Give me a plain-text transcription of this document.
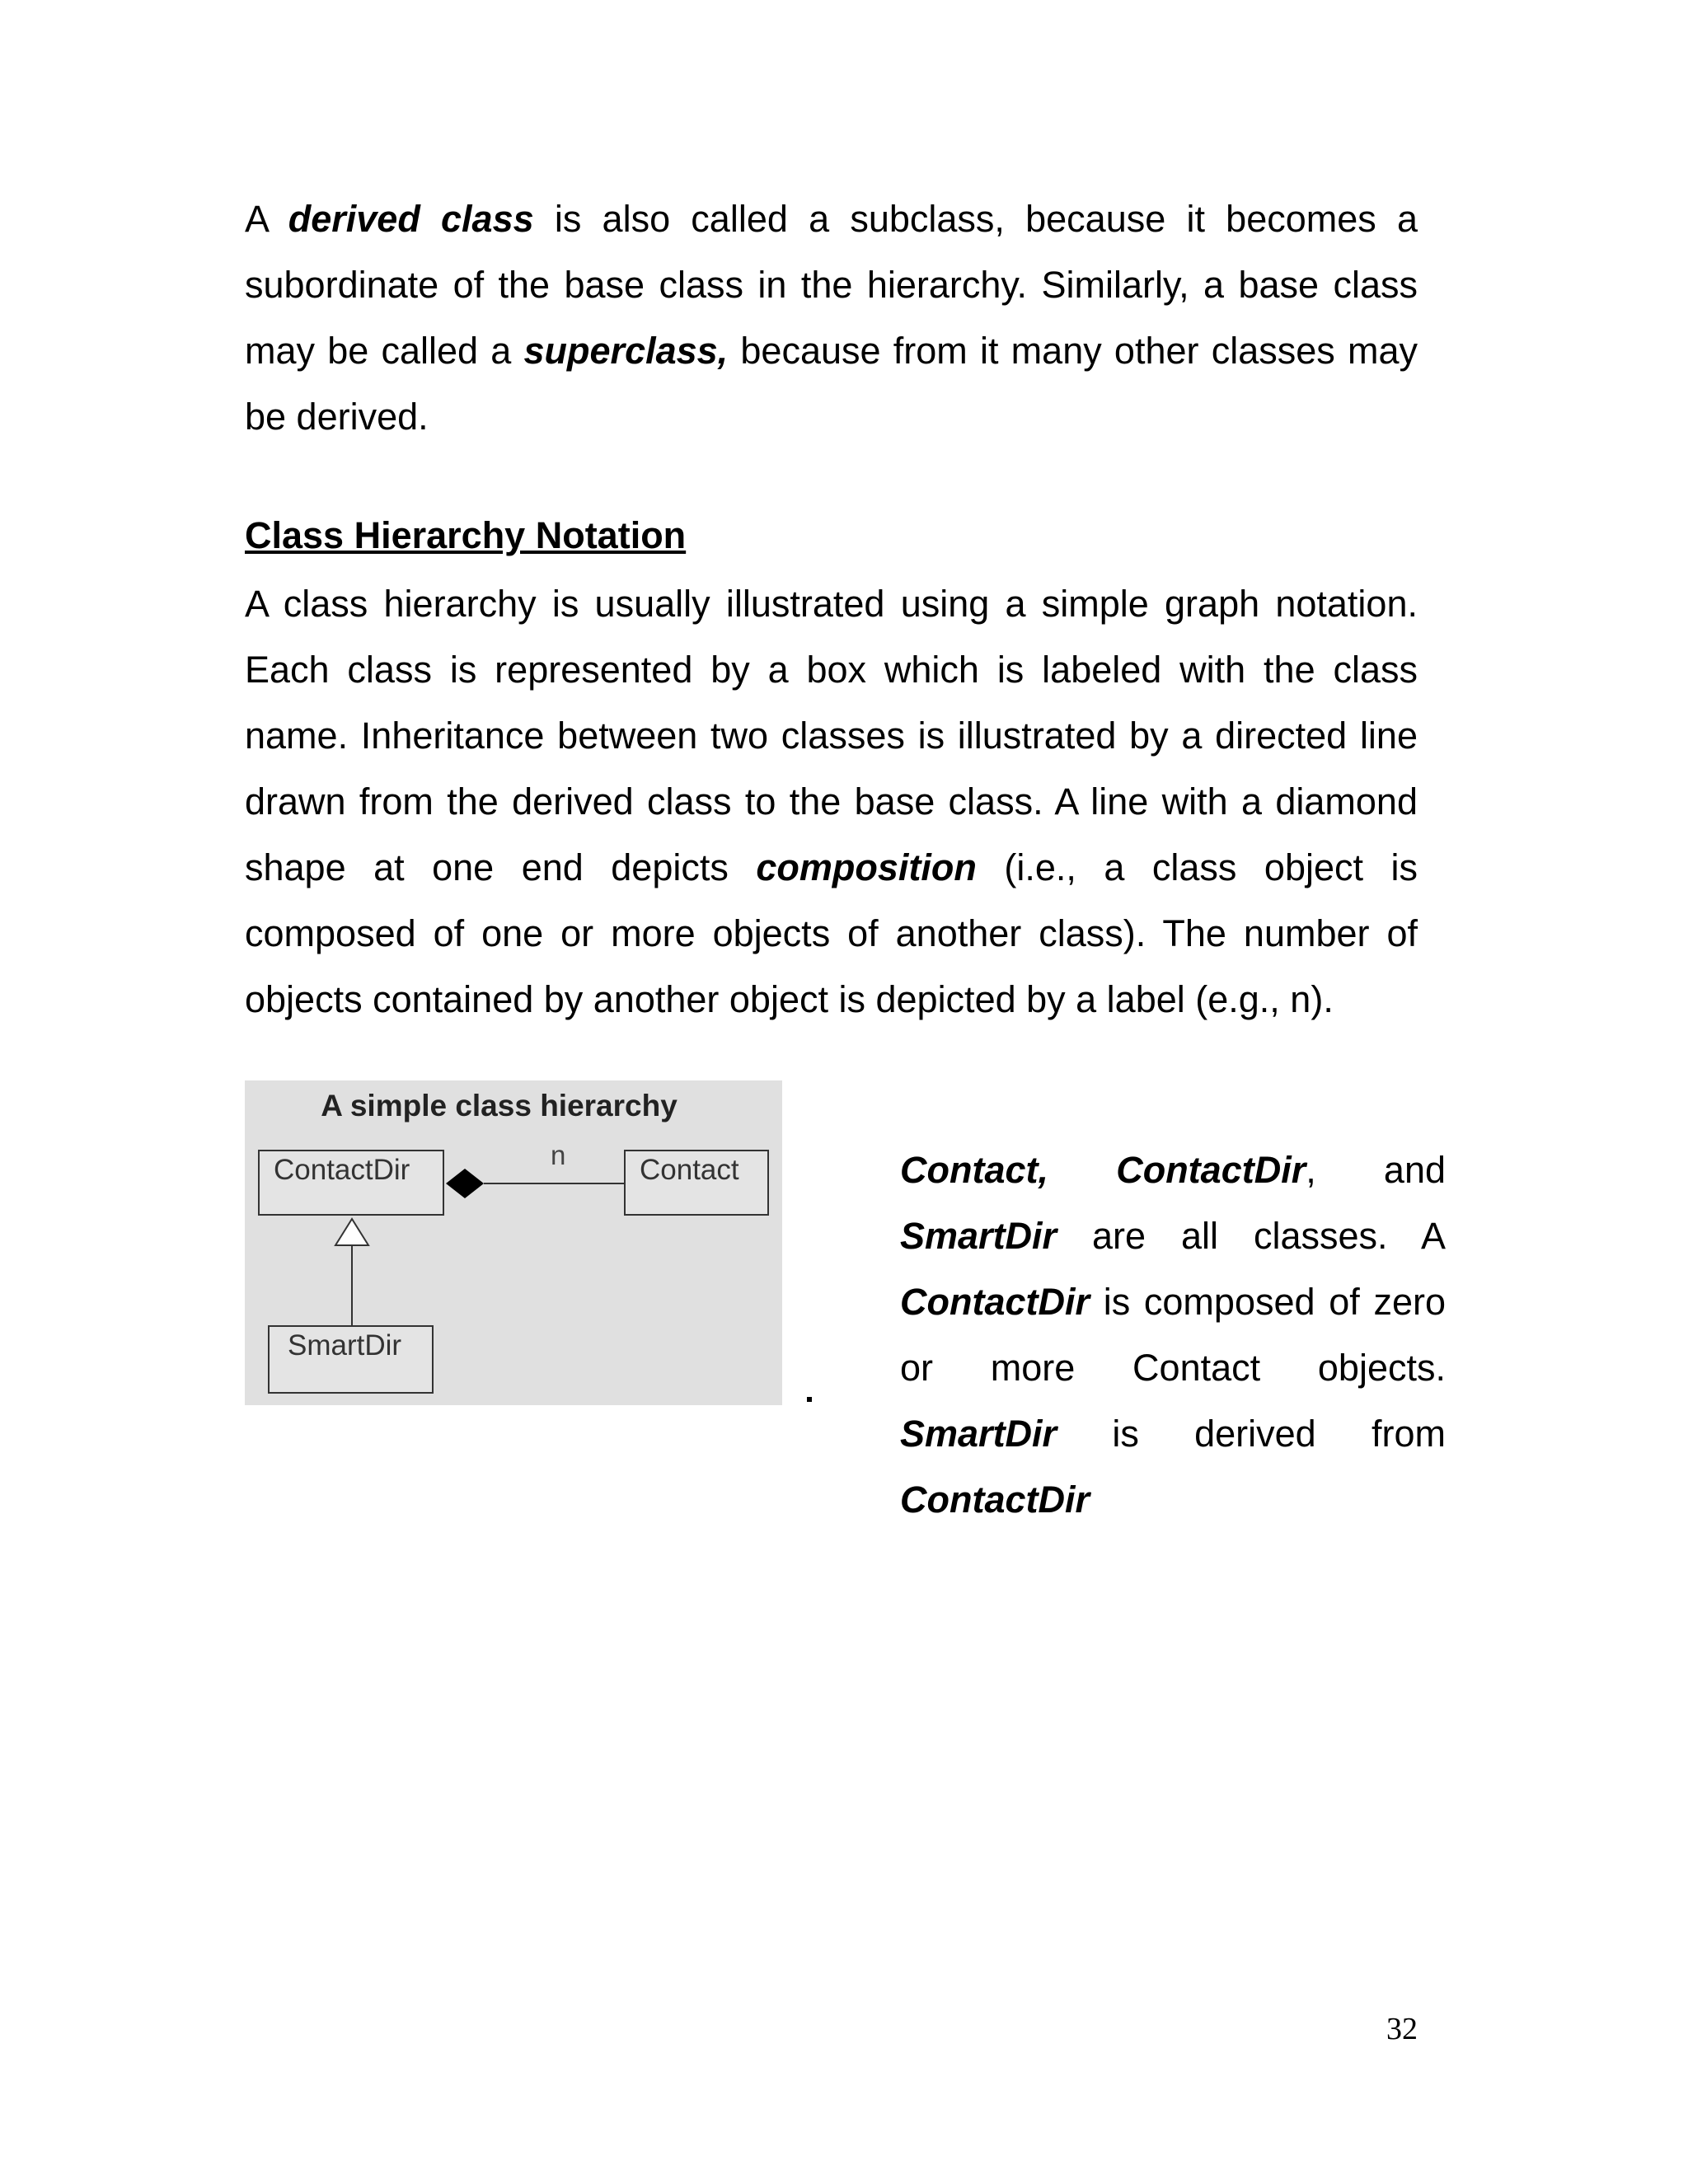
A derived class is also called a subclass, because it becomes a subordinate of the base class in the hierarchy. Similarly, a base class may be called a superclass, because from it many other classes may be derived.

Class Hierarchy Notation

A class hierarchy is usually illustrated using a simple graph notation. Each class is represented by a box which is labeled with the class name. Inheritance between two classes is illustrated by a directed line drawn from the derived class to the base class. A line with a diamond shape at one end depicts composition (i.e., a class object is composed of one or more objects of another class). The number of objects contained by another object is depicted by a label (e.g., n).

A simple class hierarchy
ContactDir	Contact
SmartDir
n	Contact, ContactDir, and SmartDir are all classes. A ContactDir is composed of zero or more Contact objects. SmartDir is derived from ContactDir

32
